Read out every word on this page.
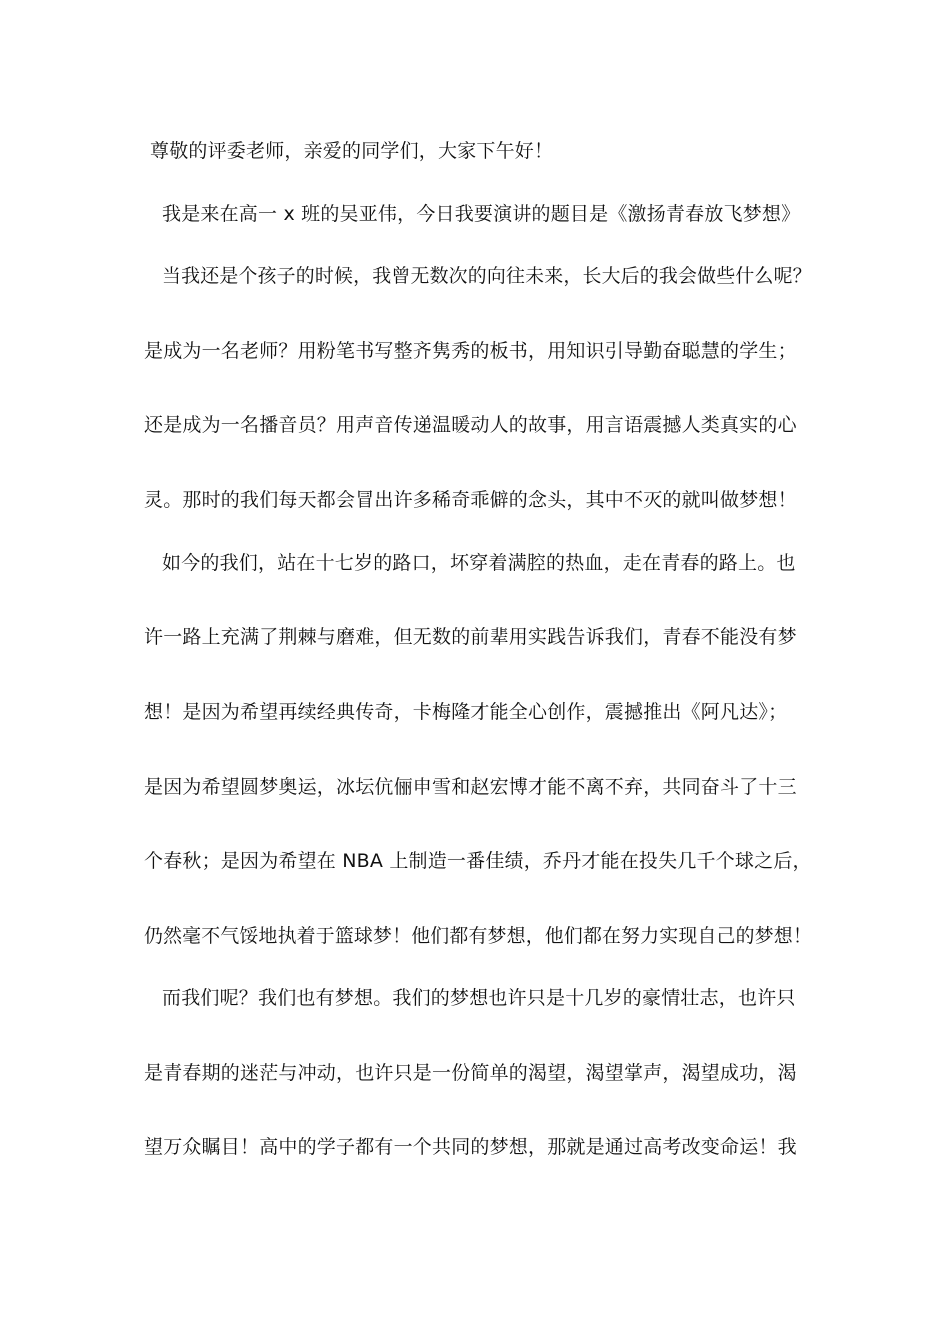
尊敬的评委老师，亲爱的同学们，大家下午好！

我是来在高一 x 班的吴亚伟，今日我要演讲的题目是《激扬青春放飞梦想》

当我还是个孩子的时候，我曾无数次的向往未来，长大后的我会做些什么呢？

是成为一名老师？用粉笔书写整齐隽秀的板书，用知识引导勤奋聪慧的学生；

还是成为一名播音员？用声音传递温暖动人的故事，用言语震撼人类真实的心

灵。那时的我们每天都会冒出许多稀奇乖僻的念头，其中不灭的就叫做梦想！

如今的我们，站在十七岁的路口，坏穿着满腔的热血，走在青春的路上。也

许一路上充满了荆棘与磨难，但无数的前辈用实践告诉我们，青春不能没有梦

想！是因为希望再续经典传奇，卡梅隆才能全心创作，震撼推出《阿凡达》；

是因为希望圆梦奥运，冰坛伉俪申雪和赵宏博才能不离不弃，共同奋斗了十三

个春秋；是因为希望在 NBA 上制造一番佳绩，乔丹才能在投失几千个球之后，

仍然毫不气馁地执着于篮球梦！他们都有梦想，他们都在努力实现自己的梦想！

而我们呢？我们也有梦想。我们的梦想也许只是十几岁的豪情壮志，也许只

是青春期的迷茫与冲动，也许只是一份简单的渴望，渴望掌声，渴望成功，渴

望万众瞩目！高中的学子都有一个共同的梦想，那就是通过高考改变命运！我
